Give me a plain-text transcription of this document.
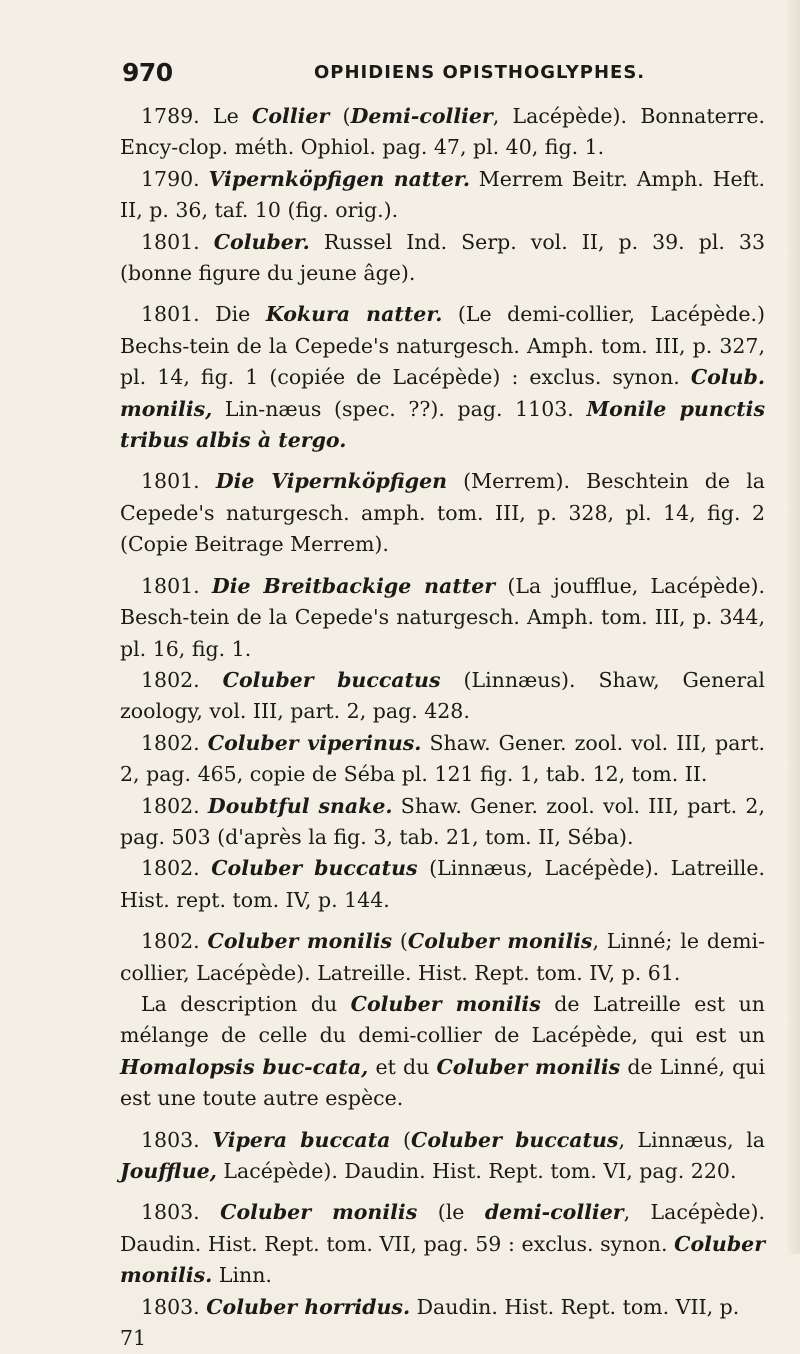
970	OPHIDIENS OPISTHOGLYPHES.

1789. Le Collier (Demi-collier, Lacépède). Bonnaterre. Ency-clop. méth. Ophiol. pag. 47, pl. 40, fig. 1.

1790. Vipernköpfigen natter. Merrem Beitr. Amph. Heft. II, p. 36, taf. 10 (fig. orig.).

1801. Coluber. Russel Ind. Serp. vol. II, p. 39. pl. 33 (bonne figure du jeune âge).

1801. Die Kokura natter. (Le demi-collier, Lacépède.) Bechs-tein de la Cepede's naturgesch. Amph. tom. III, p. 327, pl. 14, fig. 1 (copiée de Lacépède) : exclus. synon. Colub. monilis, Lin-næus (spec. ??). pag. 1103. Monile punctis tribus albis à tergo.

1801. Die Vipernköpfigen (Merrem). Beschtein de la Cepede's naturgesch. amph. tom. III, p. 328, pl. 14, fig. 2 (Copie Beitrage Merrem).

1801. Die Breitbackige natter (La joufflue, Lacépède). Besch-tein de la Cepede's naturgesch. Amph. tom. III, p. 344, pl. 16, fig. 1.

1802. Coluber buccatus (Linnæus). Shaw, General zoology, vol. III, part. 2, pag. 428.

1802. Coluber viperinus. Shaw. Gener. zool. vol. III, part. 2, pag. 465, copie de Séba pl. 121 fig. 1, tab. 12, tom. II.

1802. Doubtful snake. Shaw. Gener. zool. vol. III, part. 2, pag. 503 (d'après la fig. 3, tab. 21, tom. II, Séba).

1802. Coluber buccatus (Linnæus, Lacépède). Latreille. Hist. rept. tom. IV, p. 144.

1802. Coluber monilis (Coluber monilis, Linné; le demi-collier, Lacépède). Latreille. Hist. Rept. tom. IV, p. 61.

La description du Coluber monilis de Latreille est un mélange de celle du demi-collier de Lacépède, qui est un Homalopsis buc-cata, et du Coluber monilis de Linné, qui est une toute autre espèce.

1803. Vipera buccata (Coluber buccatus, Linnæus, la Joufflue, Lacépède). Daudin. Hist. Rept. tom. VI, pag. 220.

1803. Coluber monilis (le demi-collier, Lacépède). Daudin. Hist. Rept. tom. VII, pag. 59 : exclus. synon. Coluber monilis. Linn.

1803. Coluber horridus. Daudin. Hist. Rept. tom. VII, p. 71
